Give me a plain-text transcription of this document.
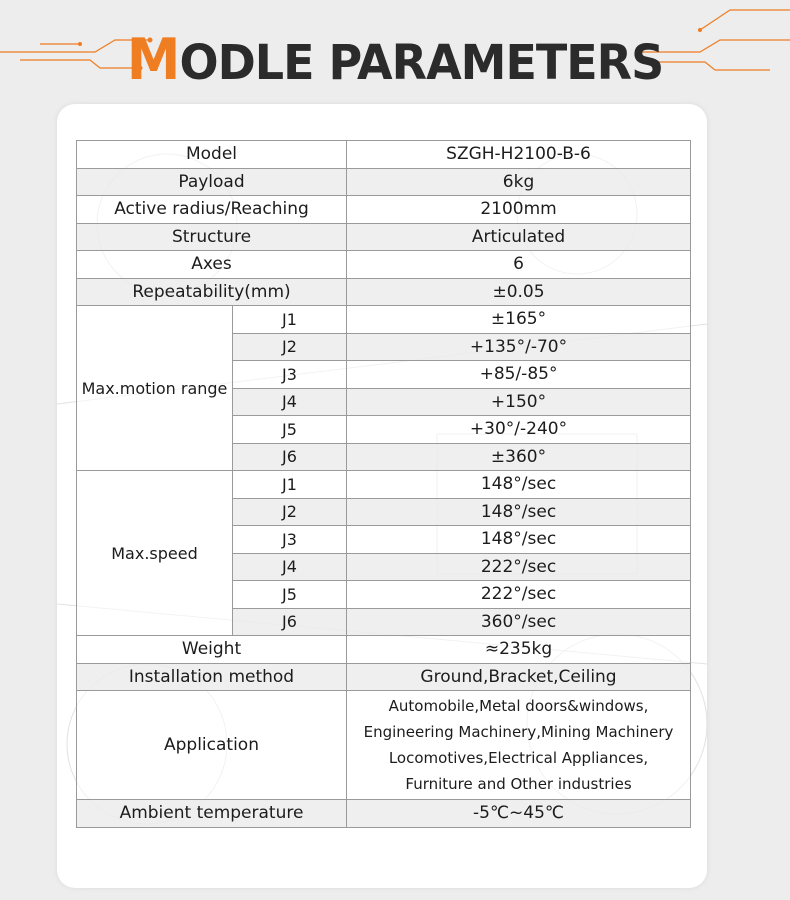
MODLE PARAMETERS
Model		SZGH-H2100-B-6
Payload		6kg
Active radius/Reaching		2100mm
Structure		Articulated
Axes		6
Repeatability(mm)		±0.05
Max.motion range	J1	±165°
	J2	+135°/-70°
	J3	+85/-85°
	J4	+150°
	J5	+30°/-240°
	J6	±360°
Max.speed	J1	148°/sec
	J2	148°/sec
	J3	148°/sec
	J4	222°/sec
	J5	222°/sec
	J6	360°/sec
Weight		≈235kg
Installation method		Ground,Bracket,Ceiling
Application		Automobile,Metal doors&windows,
Engineering Machinery,Mining Machinery
Locomotives,Electrical Appliances,
Furniture and Other industries

Ambient temperature		-5℃~45℃
